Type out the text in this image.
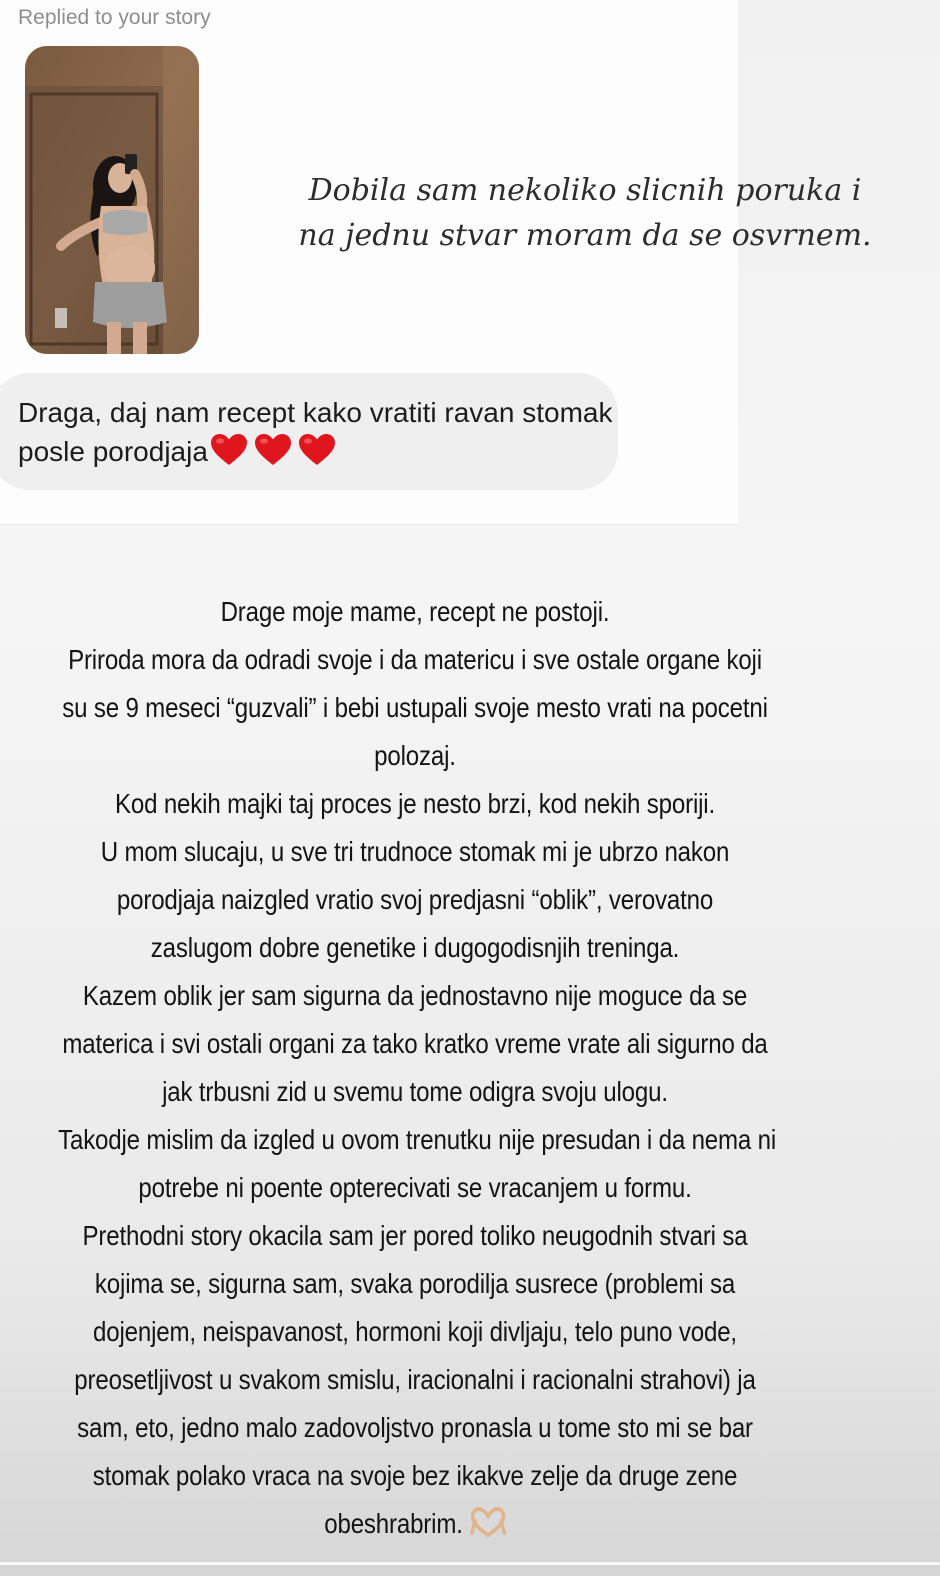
Replied to your story
Dobila sam nekoliko slicnih poruka i na jednu stvar moram da se osvrnem.
Draga, daj nam recept kako vratiti ravan stomak posle porodjaja
Drage moje mame, recept ne postoji.
Priroda mora da odradi svoje i da matericu i sve ostale organe koji
su se 9 meseci “guzvali” i bebi ustupali svoje mesto vrati na pocetni
polozaj.
Kod nekih majki taj proces je nesto brzi, kod nekih sporiji.
U mom slucaju, u sve tri trudnoce stomak mi je ubrzo nakon
porodjaja naizgled vratio svoj predjasni “oblik”, verovatno
zaslugom dobre genetike i dugogodisnjih treninga.
Kazem oblik jer sam sigurna da jednostavno nije moguce da se
materica i svi ostali organi za tako kratko vreme vrate ali sigurno da
jak trbusni zid u svemu tome odigra svoju ulogu.
Takodje mislim da izgled u ovom trenutku nije presudan i da nema ni
potrebe ni poente opterecivati se vracanjem u formu.
Prethodni story okacila sam jer pored toliko neugodnih stvari sa
kojima se, sigurna sam, svaka porodilja susrece (problemi sa
dojenjem, neispavanost, hormoni koji divljaju, telo puno vode,
preosetljivost u svakom smislu, iracionalni i racionalni strahovi) ja
sam, eto, jedno malo zadovoljstvo pronasla u tome sto mi se bar
stomak polako vraca na svoje bez ikakve zelje da druge zene
obeshrabrim.
